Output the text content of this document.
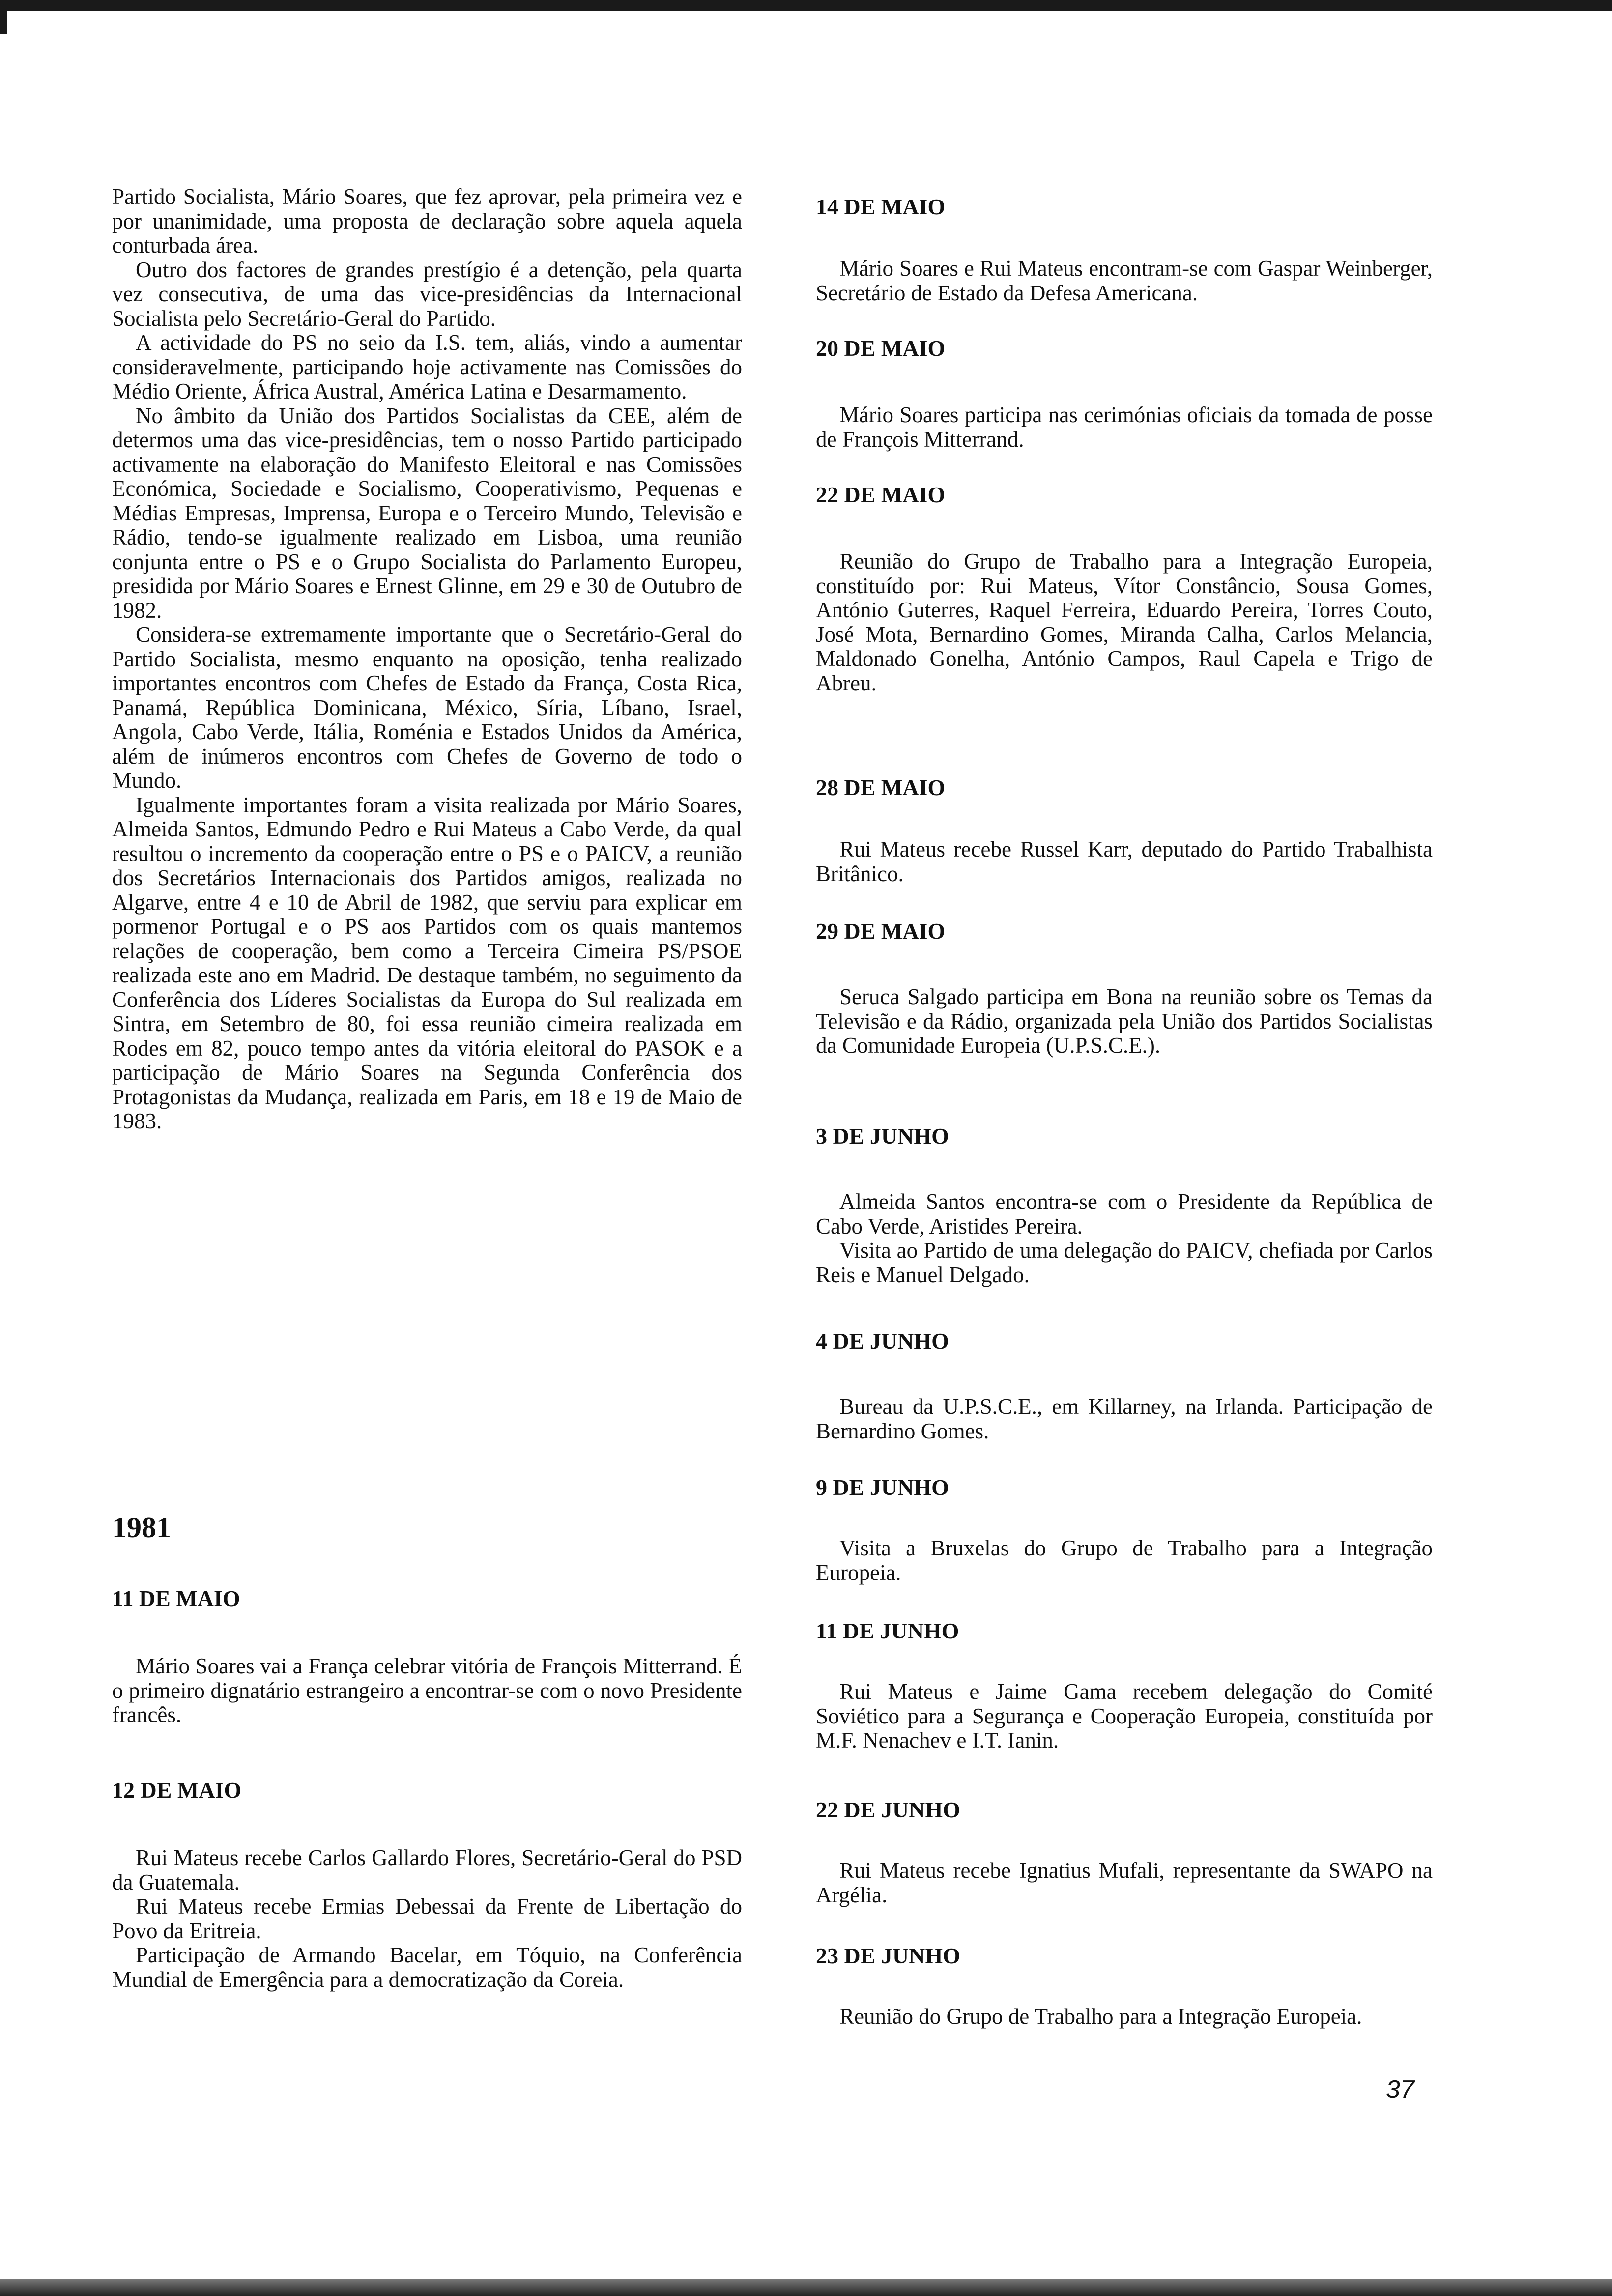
Partido Socialista, Mário Soares, que fez aprovar, pela primeira vez e por unanimidade, uma proposta de declaração sobre aquela aquela conturbada área.

Outro dos factores de grandes prestígio é a detenção, pela quarta vez consecutiva, de uma das vice-presidências da Internacional Socialista pelo Secretário-Geral do Partido.

A actividade do PS no seio da I.S. tem, aliás, vindo a aumentar consideravelmente, participando hoje activamente nas Comissões do Médio Oriente, África Austral, América Latina e Desarmamento.

No âmbito da União dos Partidos Socialistas da CEE, além de determos uma das vice-presidências, tem o nosso Partido participado activamente na elaboração do Manifesto Eleitoral e nas Comissões Económica, Sociedade e Socialismo, Cooperativismo, Pequenas e Médias Empresas, Imprensa, Europa e o Terceiro Mundo, Televisão e Rádio, tendo-se igualmente realizado em Lisboa, uma reunião conjunta entre o PS e o Grupo Socialista do Parlamento Europeu, presidida por Mário Soares e Ernest Glinne, em 29 e 30 de Outubro de 1982.

Considera-se extremamente importante que o Secretário-Geral do Partido Socialista, mesmo enquanto na oposição, tenha realizado importantes encontros com Chefes de Estado da França, Costa Rica, Panamá, República Dominicana, México, Síria, Líbano, Israel, Angola, Cabo Verde, Itália, Roménia e Estados Unidos da América, além de inúmeros encontros com Chefes de Governo de todo o Mundo.

Igualmente importantes foram a visita realizada por Mário Soares, Almeida Santos, Edmundo Pedro e Rui Mateus a Cabo Verde, da qual resultou o incremento da cooperação entre o PS e o PAICV, a reunião dos Secretários Internacionais dos Partidos amigos, realizada no Algarve, entre 4 e 10 de Abril de 1982, que serviu para explicar em pormenor Portugal e o PS aos Partidos com os quais mantemos relações de cooperação, bem como a Terceira Cimeira PS/PSOE realizada este ano em Madrid. De destaque também, no seguimento da Conferência dos Líderes Socialistas da Europa do Sul realizada em Sintra, em Setembro de 80, foi essa reunião cimeira realizada em Rodes em 82, pouco tempo antes da vitória eleitoral do PASOK e a participação de Mário Soares na Segunda Conferência dos Protagonistas da Mudança, realizada em Paris, em 18 e 19 de Maio de 1983.

1981
11 DE MAIO

Mário Soares vai a França celebrar vitória de François Mitterrand. É o primeiro dignatário estrangeiro a encontrar-se com o novo Presidente francês.

12 DE MAIO

Rui Mateus recebe Carlos Gallardo Flores, Secretário-Geral do PSD da Guatemala.

Rui Mateus recebe Ermias Debessai da Frente de Libertação do Povo da Eritreia.

Participação de Armando Bacelar, em Tóquio, na Conferência Mundial de Emergência para a democratização da Coreia.

14 DE MAIO

Mário Soares e Rui Mateus encontram-se com Gaspar Weinberger, Secretário de Estado da Defesa Americana.

20 DE MAIO

Mário Soares participa nas cerimónias oficiais da tomada de posse de François Mitterrand.

22 DE MAIO

Reunião do Grupo de Trabalho para a Integração Europeia, constituído por: Rui Mateus, Vítor Constâncio, Sousa Gomes, António Guterres, Raquel Ferreira, Eduardo Pereira, Torres Couto, José Mota, Bernardino Gomes, Miranda Calha, Carlos Melancia, Maldonado Gonelha, António Campos, Raul Capela e Trigo de Abreu.

28 DE MAIO

Rui Mateus recebe Russel Karr, deputado do Partido Trabalhista Britânico.

29 DE MAIO

Seruca Salgado participa em Bona na reunião sobre os Temas da Televisão e da Rádio, organizada pela União dos Partidos Socialistas da Comunidade Europeia (U.P.S.C.E.).

3 DE JUNHO

Almeida Santos encontra-se com o Presidente da República de Cabo Verde, Aristides Pereira.

Visita ao Partido de uma delegação do PAICV, chefiada por Carlos Reis e Manuel Delgado.

4 DE JUNHO

Bureau da U.P.S.C.E., em Killarney, na Irlanda. Participação de Bernardino Gomes.

9 DE JUNHO

Visita a Bruxelas do Grupo de Trabalho para a Integração Europeia.

11 DE JUNHO

Rui Mateus e Jaime Gama recebem delegação do Comité Soviético para a Segurança e Cooperação Europeia, constituída por M.F. Nenachev e I.T. Ianin.

22 DE JUNHO

Rui Mateus recebe Ignatius Mufali, representante da SWAPO na Argélia.

23 DE JUNHO

Reunião do Grupo de Trabalho para a Integração Europeia.

37
